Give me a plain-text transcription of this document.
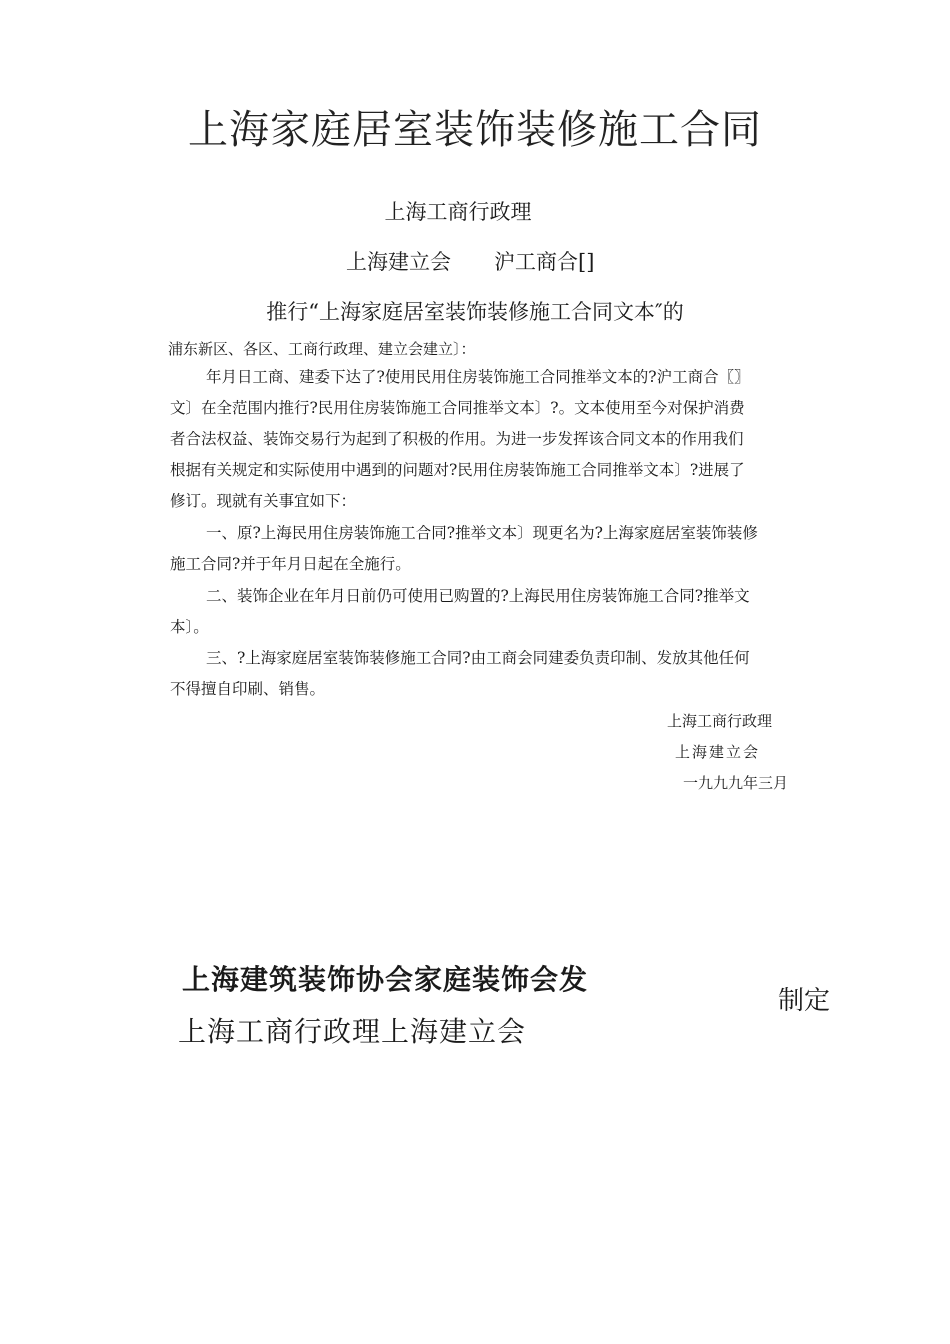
上海家庭居室装饰装修施工合同
上海工商行政理
上海建立会 沪工商合[]
推行“上海家庭居室装饰装修施工合同文本″的
浦东新区、各区、工商行政理、建立会建立〕：
年月日工商、建委下达了?使用民用住房装饰施工合同推举文本的?沪工商合〖〗
文〕在全范围内推行?民用住房装饰施工合同推举文本〕?。文本使用至今对保护消费
者合法权益、装饰交易行为起到了积极的作用。为进一步发挥该合同文本的作用我们
根据有关规定和实际使用中遇到的问题对?民用住房装饰施工合同推举文本〕?进展了
修订。现就有关事宜如下：
一、原?上海民用住房装饰施工合同?推举文本〕现更名为?上海家庭居室装饰装修
施工合同?并于年月日起在全施行。
二、装饰企业在年月日前仍可使用已购置的?上海民用住房装饰施工合同?推举文
本〕。
三、?上海家庭居室装饰装修施工合同?由工商会同建委负责印制、发放其他任何
不得擅自印刷、销售。
上海工商行政理
上海建立会
一九九九年三月
上海建筑装饰协会家庭装饰会发
上海工商行政理上海建立会
制定
